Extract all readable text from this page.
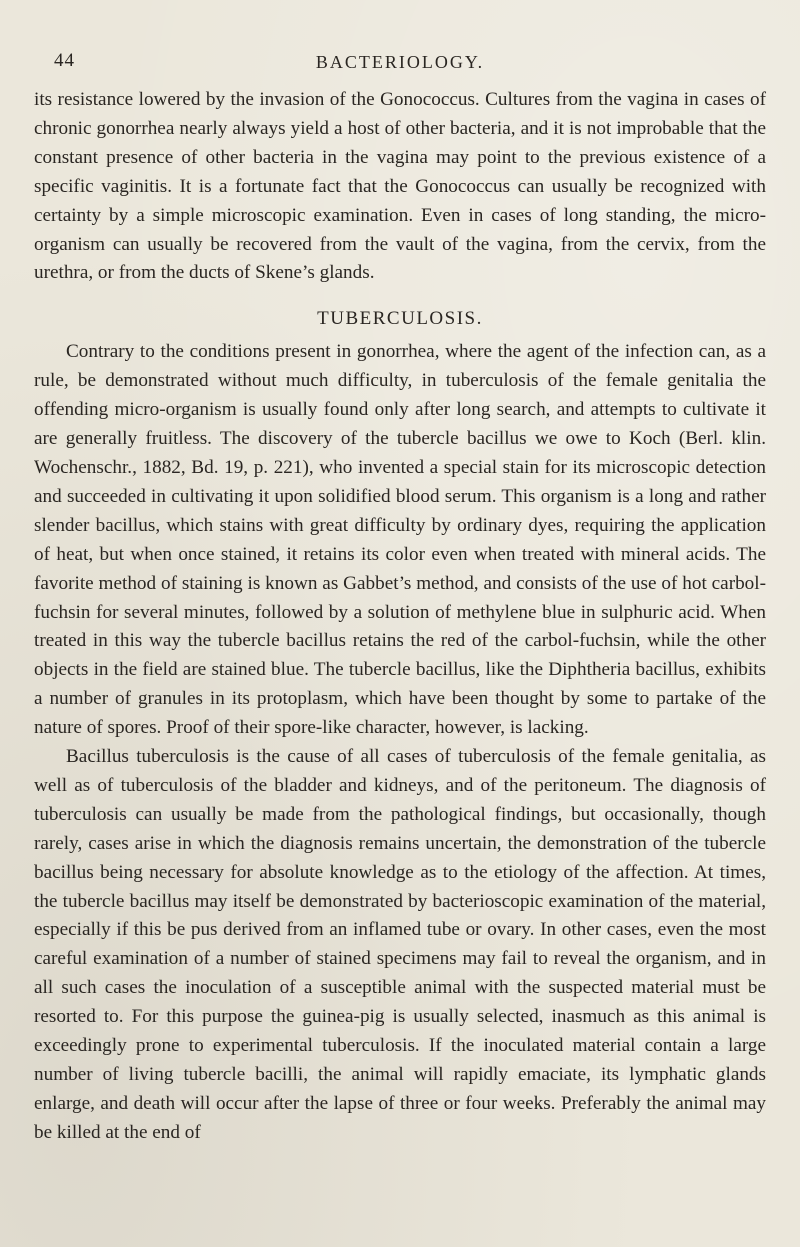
44	BACTERIOLOGY.

its resistance lowered by the invasion of the Gonococcus. Cultures from the vagina in cases of chronic gonorrhea nearly always yield a host of other bacteria, and it is not improbable that the constant presence of other bacteria in the vagina may point to the previous existence of a specific vaginitis. It is a fortunate fact that the Gonococcus can usually be recognized with certainty by a simple microscopic examination. Even in cases of long standing, the micro-organism can usually be recovered from the vault of the vagina, from the cervix, from the urethra, or from the ducts of Skene’s glands.

TUBERCULOSIS.

Contrary to the conditions present in gonorrhea, where the agent of the infection can, as a rule, be demonstrated without much difficulty, in tuberculosis of the female genitalia the offending micro-organism is usually found only after long search, and attempts to cultivate it are generally fruitless. The discovery of the tubercle bacillus we owe to Koch (Berl. klin. Wochenschr., 1882, Bd. 19, p. 221), who invented a special stain for its microscopic detection and succeeded in cultivating it upon solidified blood serum. This organism is a long and rather slender bacillus, which stains with great difficulty by ordinary dyes, requiring the application of heat, but when once stained, it retains its color even when treated with mineral acids. The favorite method of staining is known as Gabbet’s method, and consists of the use of hot carbol-fuchsin for several minutes, followed by a solution of methylene blue in sulphuric acid. When treated in this way the tubercle bacillus retains the red of the carbol-fuchsin, while the other objects in the field are stained blue. The tubercle bacillus, like the Diphtheria bacillus, exhibits a number of granules in its protoplasm, which have been thought by some to partake of the nature of spores. Proof of their spore-like character, however, is lacking.

Bacillus tuberculosis is the cause of all cases of tuberculosis of the female genitalia, as well as of tuberculosis of the bladder and kidneys, and of the peritoneum. The diagnosis of tuberculosis can usually be made from the pathological findings, but occasionally, though rarely, cases arise in which the diagnosis remains uncertain, the demonstration of the tubercle bacillus being necessary for absolute knowledge as to the etiology of the affection. At times, the tubercle bacillus may itself be demonstrated by bacterioscopic examination of the material, especially if this be pus derived from an inflamed tube or ovary. In other cases, even the most careful examination of a number of stained specimens may fail to reveal the organism, and in all such cases the inoculation of a susceptible animal with the suspected material must be resorted to. For this purpose the guinea-pig is usually selected, inasmuch as this animal is exceedingly prone to experimental tuberculosis. If the inoculated material contain a large number of living tubercle bacilli, the animal will rapidly emaciate, its lymphatic glands enlarge, and death will occur after the lapse of three or four weeks. Preferably the animal may be killed at the end of
